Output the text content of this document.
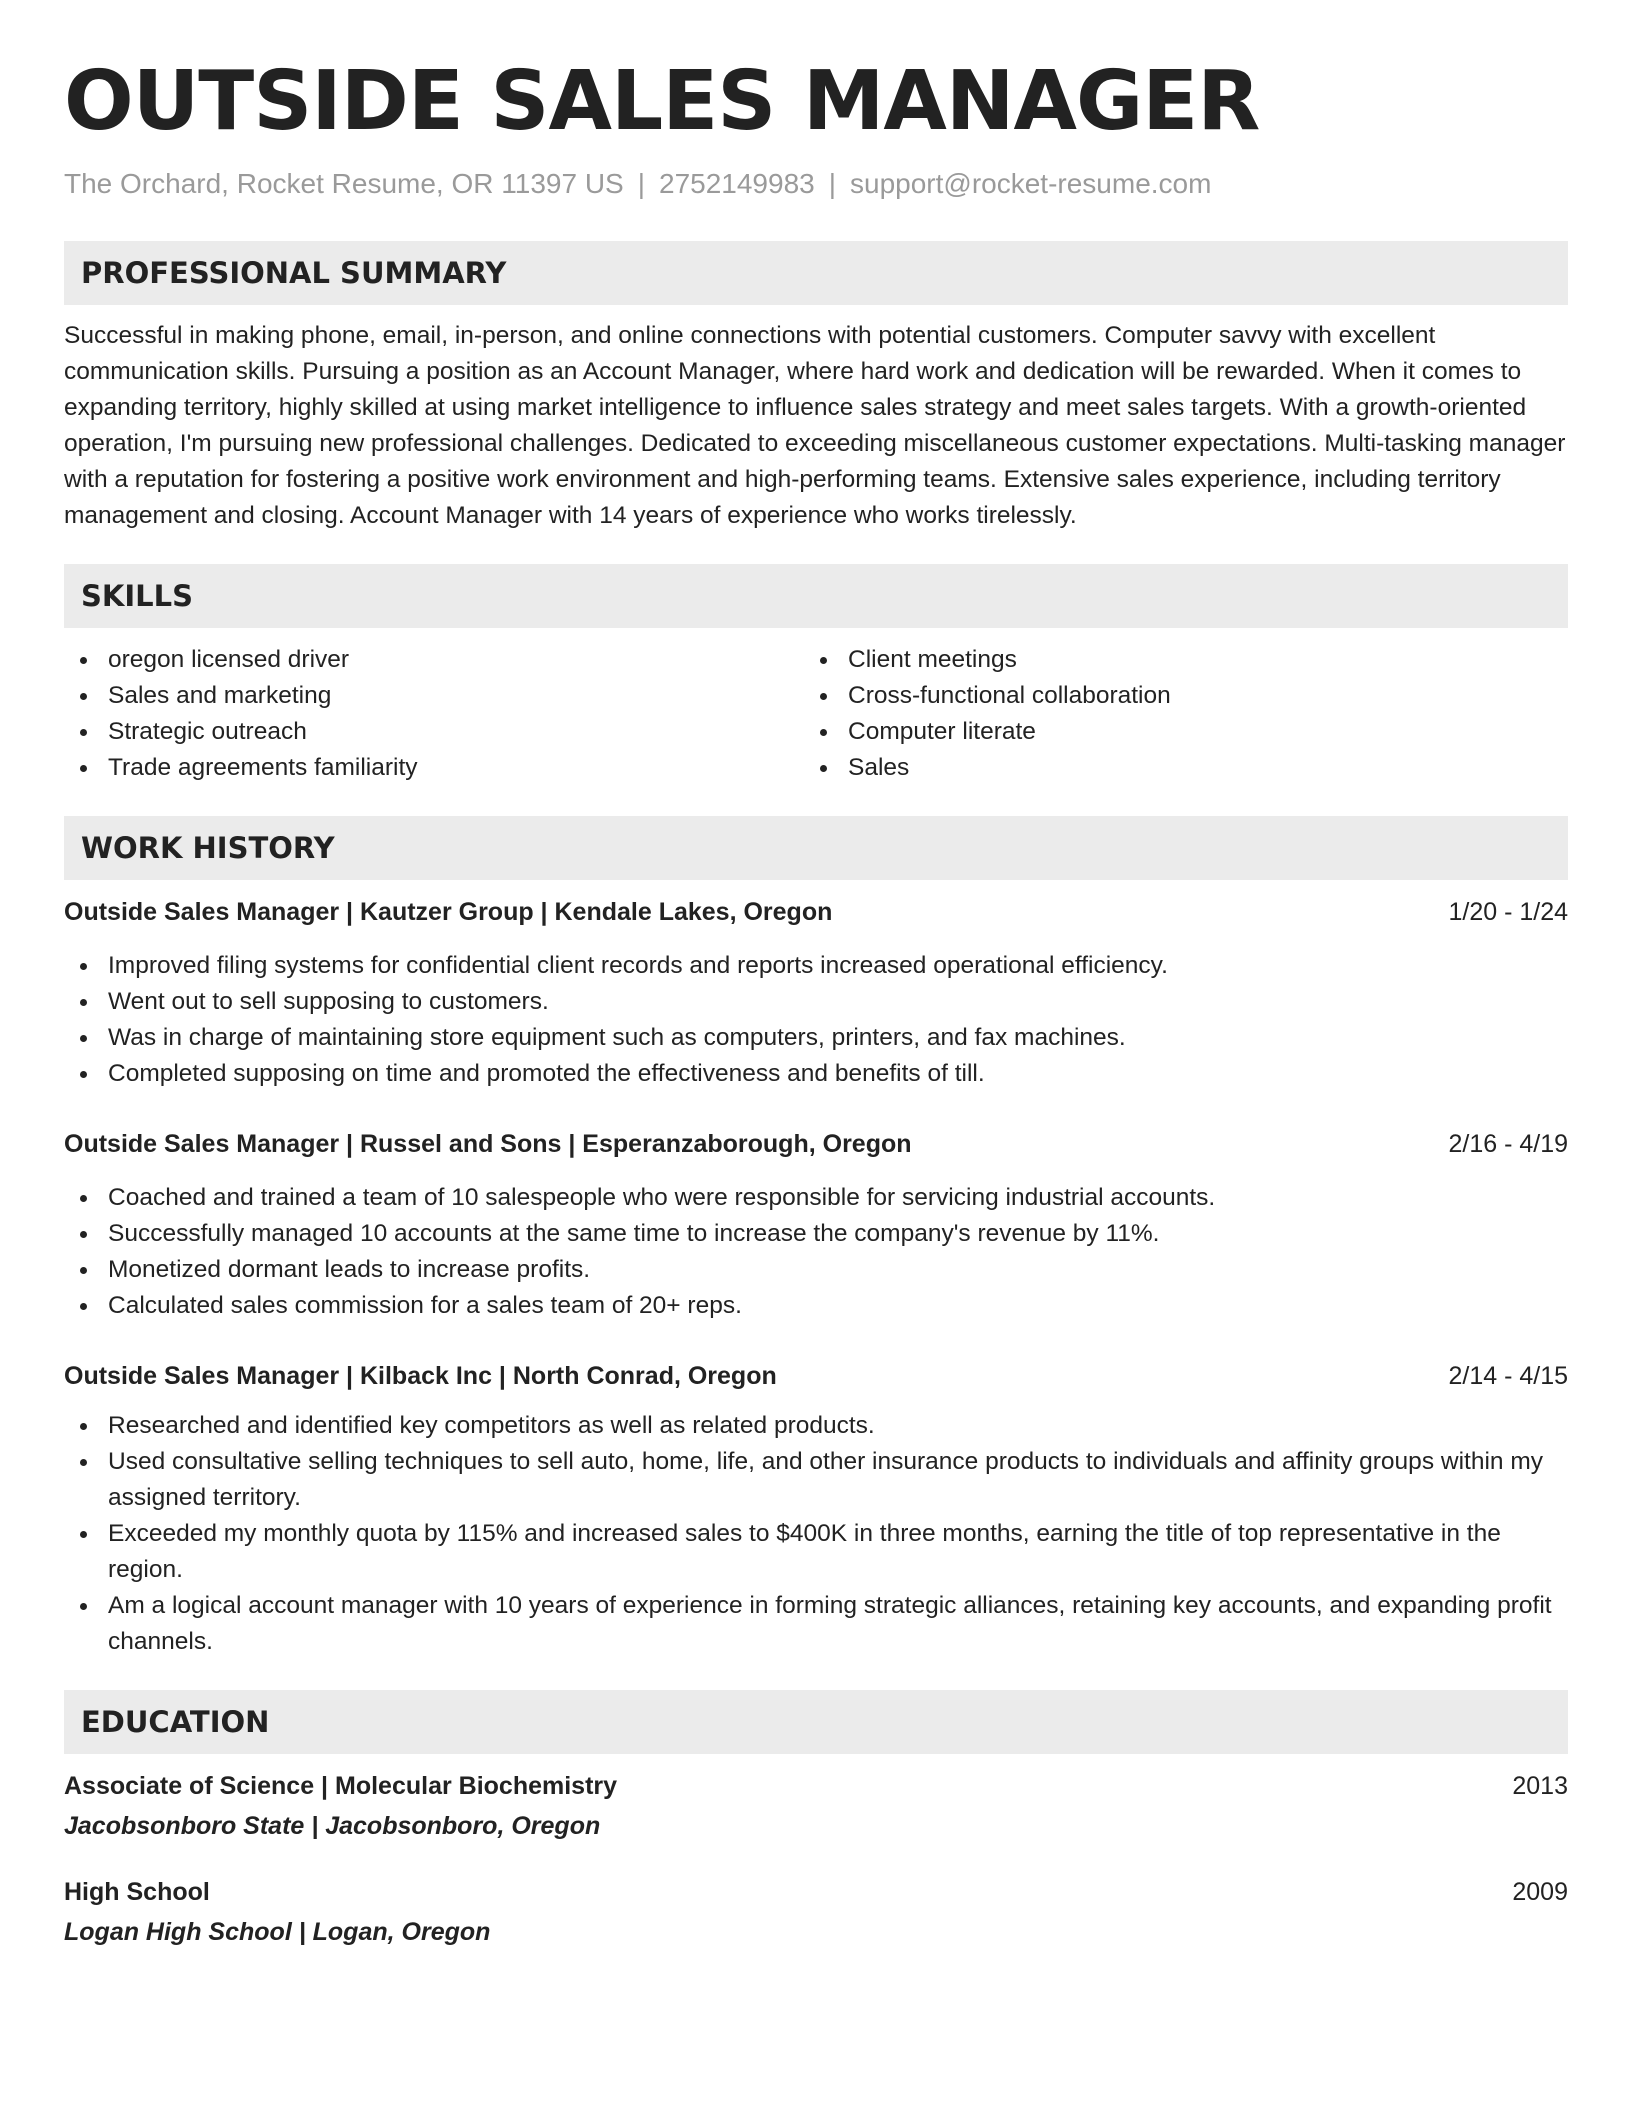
OUTSIDE SALES MANAGER
The Orchard, Rocket Resume, OR 11397 US | 2752149983 | support@rocket-resume.com
PROFESSIONAL SUMMARY

Successful in making phone, email, in-person, and online connections with potential customers. Computer savvy with excellent communication skills. Pursuing a position as an Account Manager, where hard work and dedication will be rewarded. When it comes to expanding territory, highly skilled at using market intelligence to influence sales strategy and meet sales targets. With a growth-oriented operation, I'm pursuing new professional challenges. Dedicated to exceeding miscellaneous customer expectations. Multi-tasking manager with a reputation for fostering a positive work environment and high-performing teams. Extensive sales experience, including territory management and closing. Account Manager with 14 years of experience who works tirelessly.

SKILLS
oregon licensed driver
Sales and marketing
Strategic outreach
Trade agreements familiarity
Client meetings
Cross-functional collaboration
Computer literate
Sales
WORK HISTORY
Outside Sales Manager | Kautzer Group | Kendale Lakes, Oregon	1/20 - 1/24
Improved filing systems for confidential client records and reports increased operational efficiency.
Went out to sell supposing to customers.
Was in charge of maintaining store equipment such as computers, printers, and fax machines.
Completed supposing on time and promoted the effectiveness and benefits of till.
Outside Sales Manager | Russel and Sons | Esperanzaborough, Oregon	2/16 - 4/19
Coached and trained a team of 10 salespeople who were responsible for servicing industrial accounts.
Successfully managed 10 accounts at the same time to increase the company's revenue by 11%.
Monetized dormant leads to increase profits.
Calculated sales commission for a sales team of 20+ reps.
Outside Sales Manager | Kilback Inc | North Conrad, Oregon	2/14 - 4/15
Researched and identified key competitors as well as related products.
Used consultative selling techniques to sell auto, home, life, and other insurance products to individuals and affinity groups within my assigned territory.
Exceeded my monthly quota by 115% and increased sales to $400K in three months, earning the title of top representative in the region.
Am a logical account manager with 10 years of experience in forming strategic alliances, retaining key accounts, and expanding profit channels.
EDUCATION
Associate of Science | Molecular Biochemistry	2013
Jacobsonboro State | Jacobsonboro, Oregon
High School	2009
Logan High School | Logan, Oregon
